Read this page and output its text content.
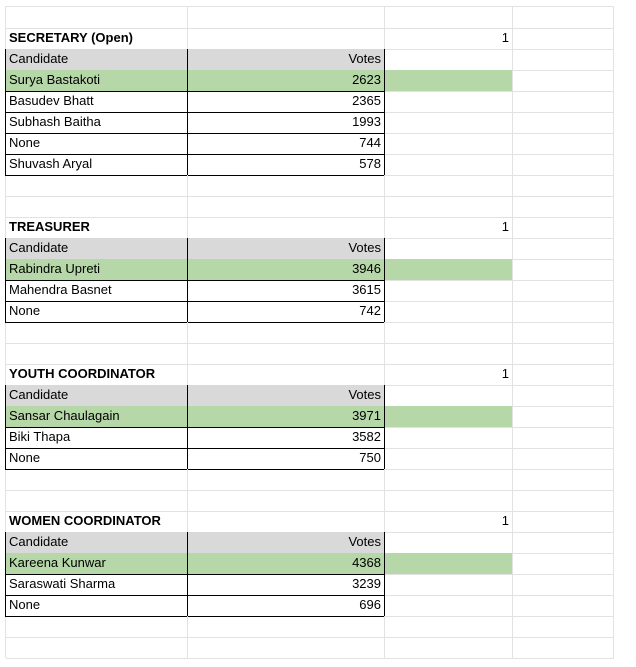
SECRETARY (Open)	1
Candidate	Votes
Surya Bastakoti	2623
Basudev Bhatt	2365
Subhash Baitha	1993
None	744
Shuvash Aryal	578
TREASURER	1
Candidate	Votes
Rabindra Upreti	3946
Mahendra Basnet	3615
None	742
YOUTH COORDINATOR	1
Candidate	Votes
Sansar Chaulagain	3971
Biki Thapa	3582
None	750
WOMEN COORDINATOR	1
Candidate	Votes
Kareena Kunwar	4368
Saraswati Sharma	3239
None	696
